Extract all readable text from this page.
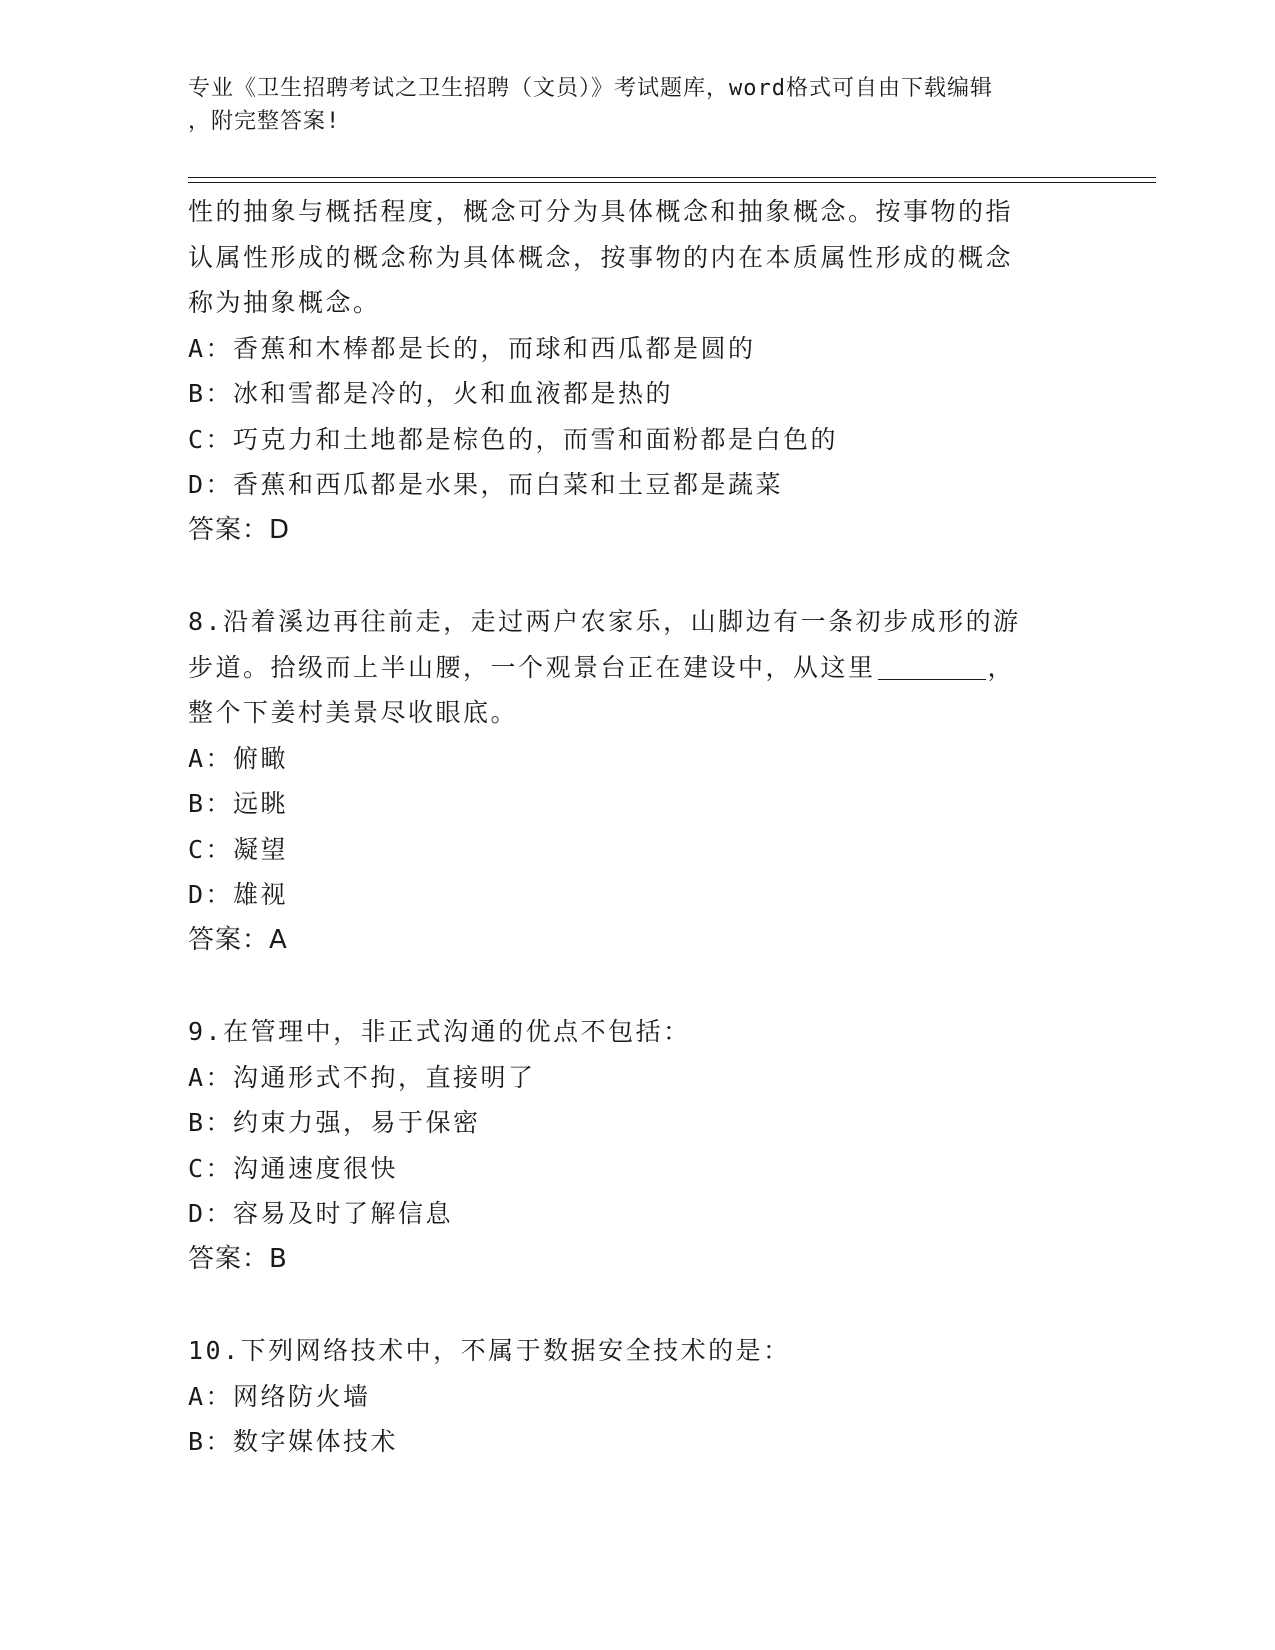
专业《卫生招聘考试之卫生招聘（文员）》考试题库，word格式可自由下载编辑
，附完整答案!
性的抽象与概括程度，概念可分为具体概念和抽象概念。按事物的指
认属性形成的概念称为具体概念，按事物的内在本质属性形成的概念
称为抽象概念。
A：香蕉和木棒都是长的，而球和西瓜都是圆的
B：冰和雪都是冷的，火和血液都是热的
C：巧克力和土地都是棕色的，而雪和面粉都是白色的
D：香蕉和西瓜都是水果，而白菜和土豆都是蔬菜
答案：D
8.沿着溪边再往前走，走过两户农家乐，山脚边有一条初步成形的游
步道。拾级而上半山腰，一个观景台正在建设中，从这里	，
整个下姜村美景尽收眼底。
A：俯瞰
B：远眺
C：凝望
D：雄视
答案：A
9.在管理中，非正式沟通的优点不包括：
A：沟通形式不拘，直接明了
B：约束力强，易于保密
C：沟通速度很快
D：容易及时了解信息
答案：B
10.下列网络技术中，不属于数据安全技术的是：
A：网络防火墙
B：数字媒体技术
